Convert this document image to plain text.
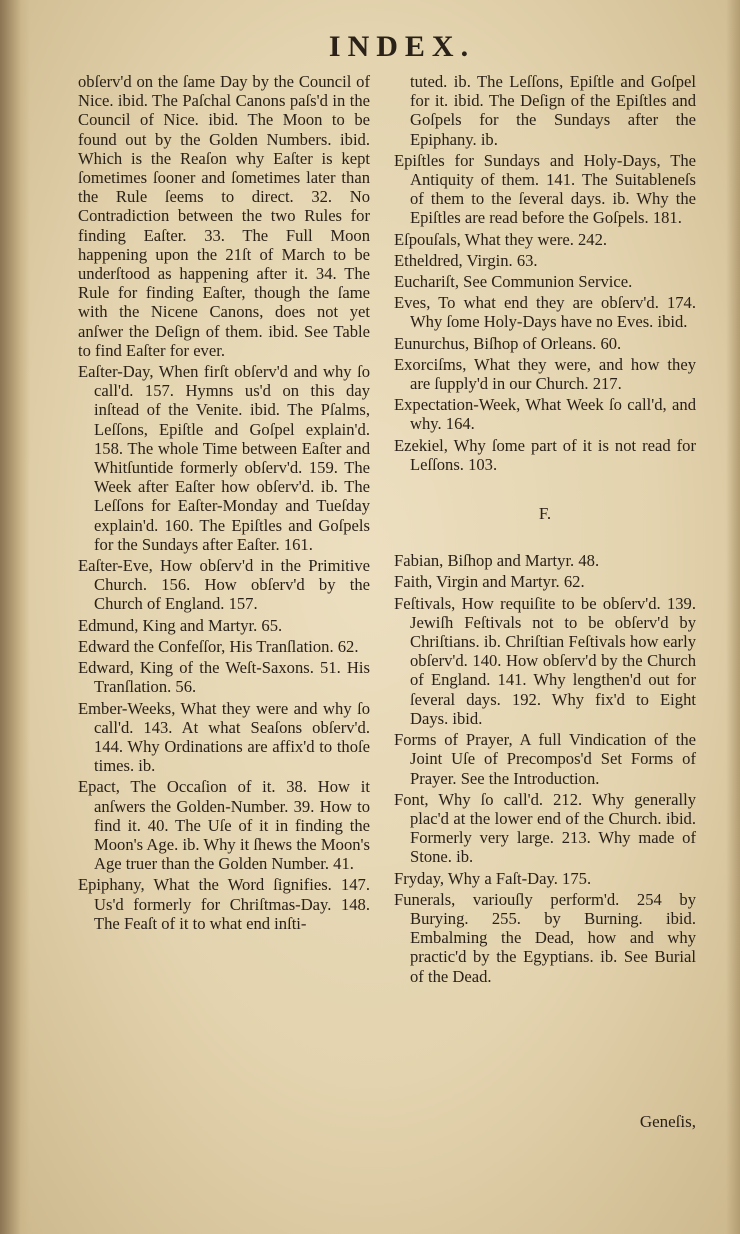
INDEX.

obſerv'd on the ſame Day by the Council of Nice. ibid. The Paſchal Canons paſs'd in the Council of Nice. ibid. The Moon to be found out by the Golden Numbers. ibid. Which is the Reaſon why Eaſter is kept ſometimes ſooner and ſometimes later than the Rule ſeems to direct. 32. No Contradiction between the two Rules for finding Eaſter. 33. The Full Moon happening upon the 21ſt of March to be underſtood as happening after it. 34. The Rule for finding Eaſter, though the ſame with the Nicene Canons, does not yet anſwer the Deſign of them. ibid. See Table to find Eaſter for ever.

Eaſter-Day, When firſt obſerv'd and why ſo call'd. 157. Hymns us'd on this day inſtead of the Venite. ibid. The Pſalms, Leſſons, Epiſtle and Goſpel explain'd. 158. The whole Time between Eaſter and Whitſuntide formerly obſerv'd. 159. The Week after Eaſter how obſerv'd. ib. The Leſſons for Eaſter-Monday and Tueſday explain'd. 160. The Epiſtles and Goſpels for the Sundays after Eaſter. 161.

Eaſter-Eve, How obſerv'd in the Primitive Church. 156. How obſerv'd by the Church of England. 157.

Edmund, King and Martyr. 65.

Edward the Confeſſor, His Tranſlation. 62.

Edward, King of the Weſt-Saxons. 51. His Tranſlation. 56.

Ember-Weeks, What they were and why ſo call'd. 143. At what Seaſons obſerv'd. 144. Why Ordinations are affix'd to thoſe times. ib.

Epact, The Occaſion of it. 38. How it anſwers the Golden-Number. 39. How to find it. 40. The Uſe of it in finding the Moon's Age. ib. Why it ſhews the Moon's Age truer than the Golden Number. 41.

Epiphany, What the Word ſignifies. 147. Us'd formerly for Chriſtmas-Day. 148. The Feaſt of it to what end inſti-

tuted. ib. The Leſſons, Epiſtle and Goſpel for it. ibid. The Deſign of the Epiſtles and Goſpels for the Sundays after the Epiphany. ib.

Epiſtles for Sundays and Holy-Days, The Antiquity of them. 141. The Suitableneſs of them to the ſeveral days. ib. Why the Epiſtles are read before the Goſpels. 181.

Eſpouſals, What they were. 242.

Etheldred, Virgin. 63.

Euchariſt, See Communion Service.

Eves, To what end they are obſerv'd. 174. Why ſome Holy-Days have no Eves. ibid.

Eunurchus, Biſhop of Orleans. 60.

Exorciſms, What they were, and how they are ſupply'd in our Church. 217.

Expectation-Week, What Week ſo call'd, and why. 164.

Ezekiel, Why ſome part of it is not read for Leſſons. 103.

F.

Fabian, Biſhop and Martyr. 48.

Faith, Virgin and Martyr. 62.

Feſtivals, How requiſite to be obſerv'd. 139. Jewiſh Feſtivals not to be obſerv'd by Chriſtians. ib. Chriſtian Feſtivals how early obſerv'd. 140. How obſerv'd by the Church of England. 141. Why lengthen'd out for ſeveral days. 192. Why fix'd to Eight Days. ibid.

Forms of Prayer, A full Vindication of the Joint Uſe of Precompos'd Set Forms of Prayer. See the Introduction.

Font, Why ſo call'd. 212. Why generally plac'd at the lower end of the Church. ibid. Formerly very large. 213. Why made of Stone. ib.

Fryday, Why a Faſt-Day. 175.

Funerals, variouſly perform'd. 254 by Burying. 255. by Burning. ibid. Embalming the Dead, how and why practic'd by the Egyptians. ib. See Burial of the Dead.

Geneſis,
